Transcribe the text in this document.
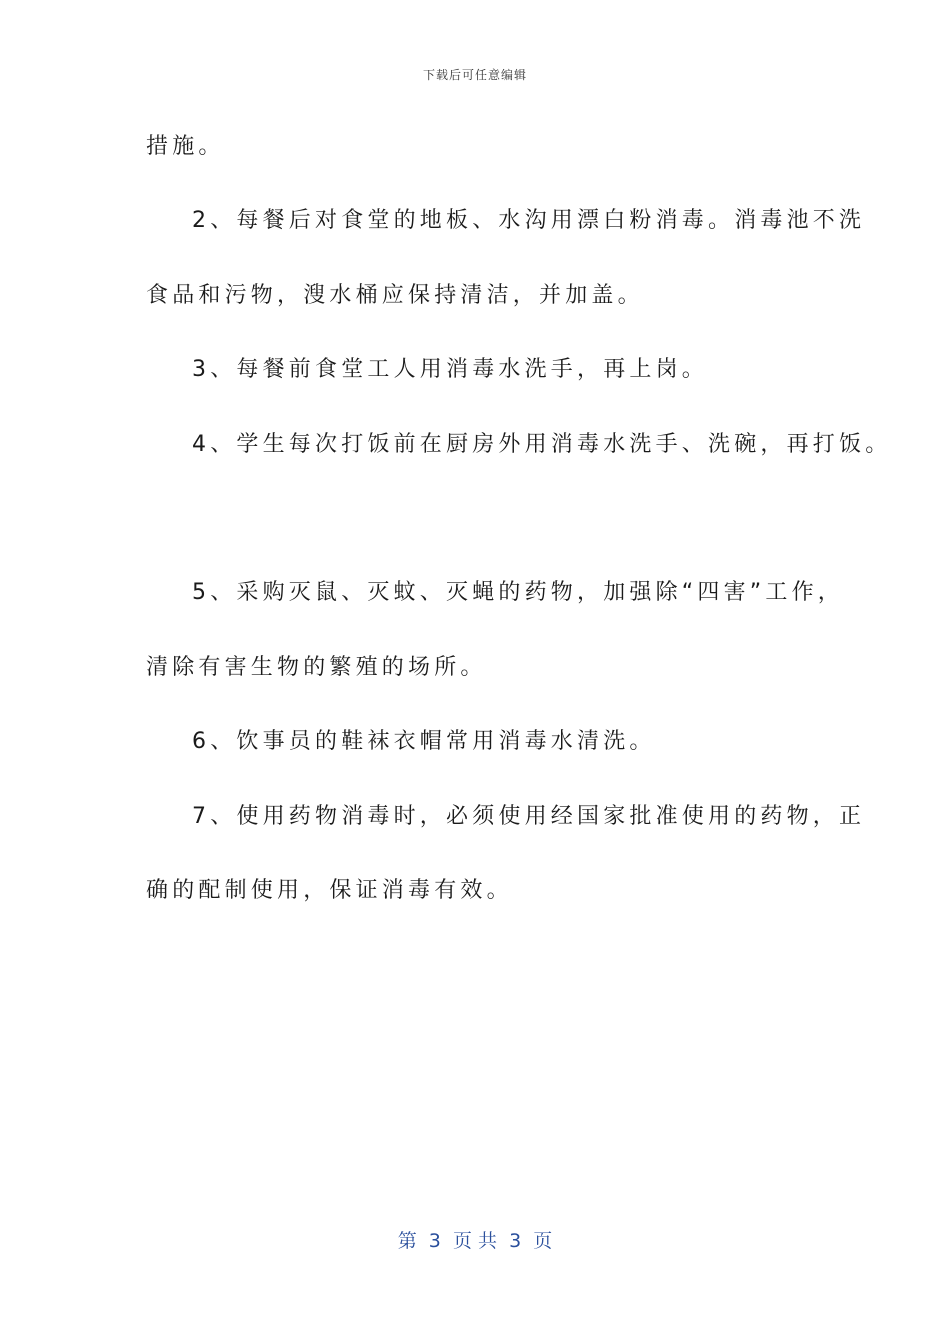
下载后可任意编辑
措施。
2、每餐后对食堂的地板、水沟用漂白粉消毒。消毒池不洗
食品和污物，溲水桶应保持清洁，并加盖。
3、每餐前食堂工人用消毒水洗手，再上岗。
4、学生每次打饭前在厨房外用消毒水洗手、洗碗，再打饭。
5、采购灭鼠、灭蚊、灭蝇的药物，加强除“四害”工作，
清除有害生物的繁殖的场所。
6、饮事员的鞋袜衣帽常用消毒水清洗。
7、使用药物消毒时，必须使用经国家批准使用的药物，正
确的配制使用，保证消毒有效。
第  3  页 共  3  页
